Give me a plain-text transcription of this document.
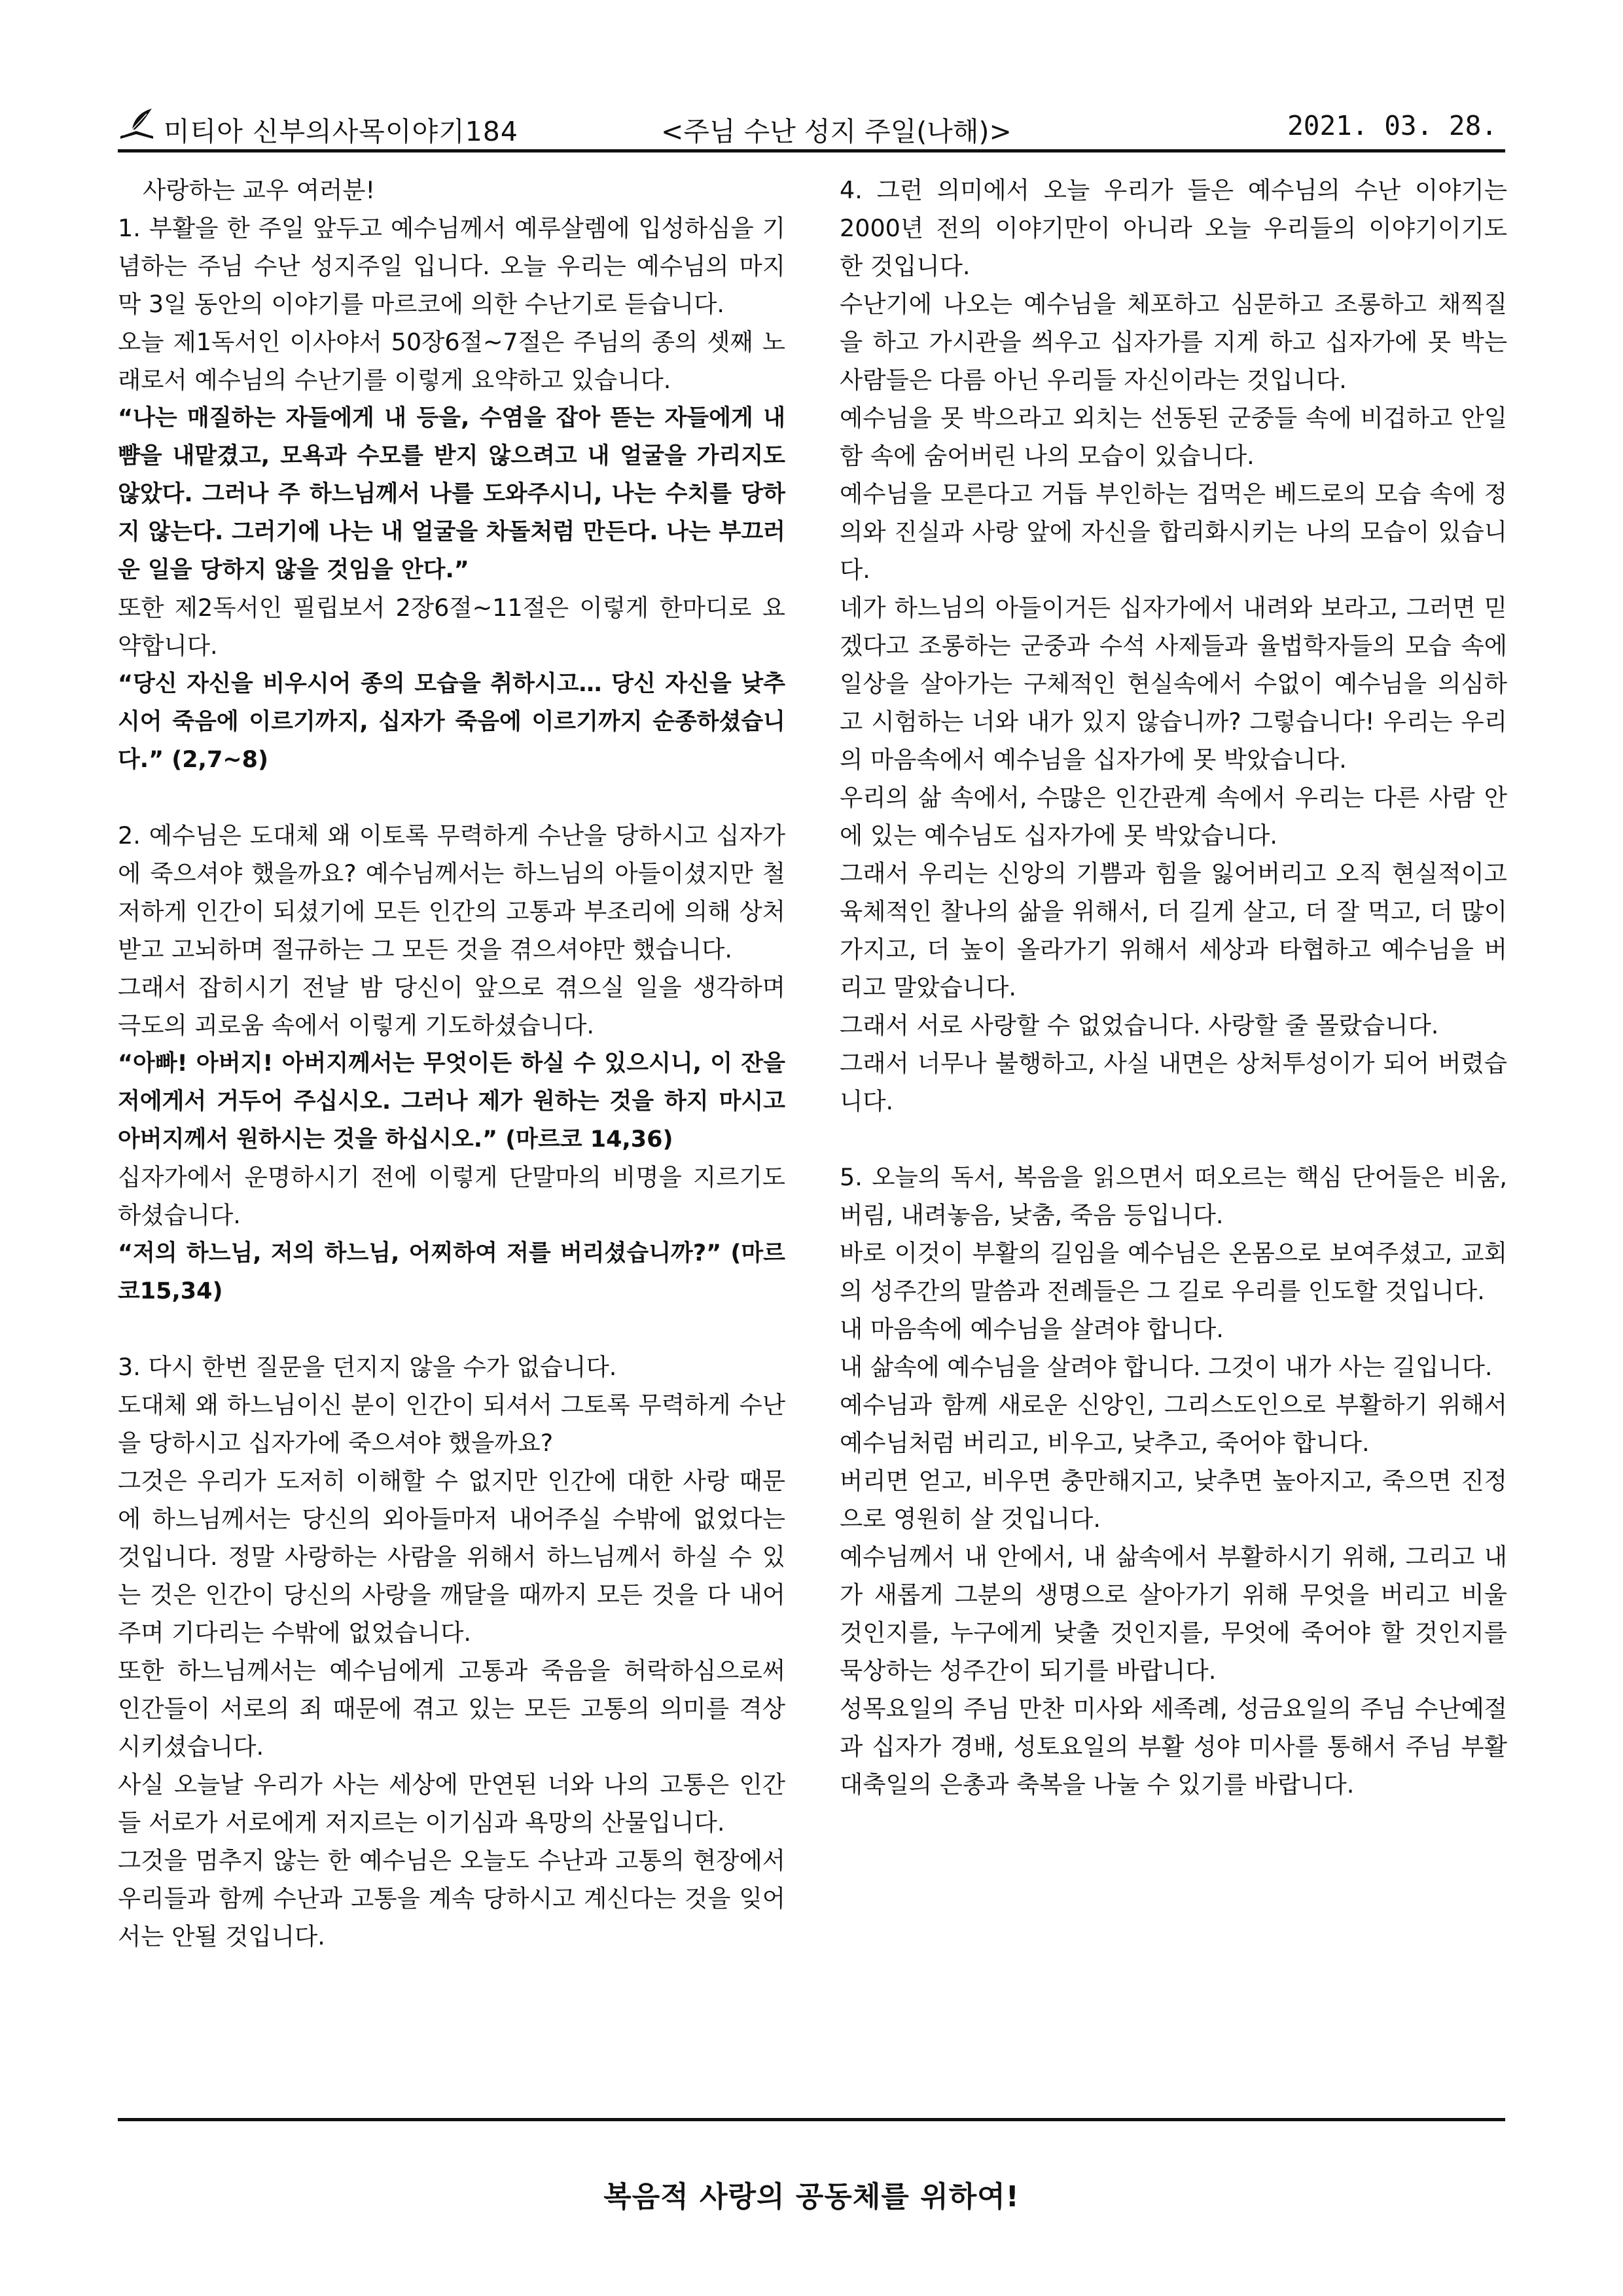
미티아 신부의사목이야기184	<주님 수난 성지 주일(나해)>	2021. 03. 28.

사랑하는 교우 여러분!

1. 부활을 한 주일 앞두고 예수님께서 예루살렘에 입성하심을 기념하는 주님 수난 성지주일 입니다. 오늘 우리는 예수님의 마지막 3일 동안의 이야기를 마르코에 의한 수난기로 듣습니다.

오늘 제1독서인 이사야서 50장6절~7절은 주님의 종의 셋째 노래로서 예수님의 수난기를 이렇게 요약하고 있습니다.

“나는 매질하는 자들에게 내 등을, 수염을 잡아 뜯는 자들에게 내 뺨을 내맡겼고, 모욕과 수모를 받지 않으려고 내 얼굴을 가리지도 않았다. 그러나 주 하느님께서 나를 도와주시니, 나는 수치를 당하지 않는다. 그러기에 나는 내 얼굴을 차돌처럼 만든다. 나는 부끄러운 일을 당하지 않을 것임을 안다.”

또한 제2독서인 필립보서 2장6절~11절은 이렇게 한마디로 요약합니다.

“당신 자신을 비우시어 종의 모습을 취하시고… 당신 자신을 낮추시어 죽음에 이르기까지, 십자가 죽음에 이르기까지 순종하셨습니다.” (2,7~8)

2. 예수님은 도대체 왜 이토록 무력하게 수난을 당하시고 십자가에 죽으셔야 했을까요? 예수님께서는 하느님의 아들이셨지만 철저하게 인간이 되셨기에 모든 인간의 고통과 부조리에 의해 상처받고 고뇌하며 절규하는 그 모든 것을 겪으셔야만 했습니다.

그래서 잡히시기 전날 밤 당신이 앞으로 겪으실 일을 생각하며 극도의 괴로움 속에서 이렇게 기도하셨습니다.

“아빠! 아버지! 아버지께서는 무엇이든 하실 수 있으시니, 이 잔을 저에게서 거두어 주십시오. 그러나 제가 원하는 것을 하지 마시고 아버지께서 원하시는 것을 하십시오.” (마르코 14,36)

십자가에서 운명하시기 전에 이렇게 단말마의 비명을 지르기도 하셨습니다.

“저의 하느님, 저의 하느님, 어찌하여 저를 버리셨습니까?” (마르코15,34)

3. 다시 한번 질문을 던지지 않을 수가 없습니다.

도대체 왜 하느님이신 분이 인간이 되셔서 그토록 무력하게 수난을 당하시고 십자가에 죽으셔야 했을까요?

그것은 우리가 도저히 이해할 수 없지만 인간에 대한 사랑 때문에 하느님께서는 당신의 외아들마저 내어주실 수밖에 없었다는 것입니다. 정말 사랑하는 사람을 위해서 하느님께서 하실 수 있는 것은 인간이 당신의 사랑을 깨달을 때까지 모든 것을 다 내어주며 기다리는 수밖에 없었습니다.

또한 하느님께서는 예수님에게 고통과 죽음을 허락하심으로써 인간들이 서로의 죄 때문에 겪고 있는 모든 고통의 의미를 격상시키셨습니다.

사실 오늘날 우리가 사는 세상에 만연된 너와 나의 고통은 인간들 서로가 서로에게 저지르는 이기심과 욕망의 산물입니다.

그것을 멈추지 않는 한 예수님은 오늘도 수난과 고통의 현장에서 우리들과 함께 수난과 고통을 계속 당하시고 계신다는 것을 잊어서는 안될 것입니다.

4. 그런 의미에서 오늘 우리가 들은 예수님의 수난 이야기는 2000년 전의 이야기만이 아니라 오늘 우리들의 이야기이기도 한 것입니다.

수난기에 나오는 예수님을 체포하고 심문하고 조롱하고 채찍질을 하고 가시관을 씌우고 십자가를 지게 하고 십자가에 못 박는 사람들은 다름 아닌 우리들 자신이라는 것입니다.

예수님을 못 박으라고 외치는 선동된 군중들 속에 비겁하고 안일함 속에 숨어버린 나의 모습이 있습니다.

예수님을 모른다고 거듭 부인하는 겁먹은 베드로의 모습 속에 정의와 진실과 사랑 앞에 자신을 합리화시키는 나의 모습이 있습니다.

네가 하느님의 아들이거든 십자가에서 내려와 보라고, 그러면 믿겠다고 조롱하는 군중과 수석 사제들과 율법학자들의 모습 속에 일상을 살아가는 구체적인 현실속에서 수없이 예수님을 의심하고 시험하는 너와 내가 있지 않습니까? 그렇습니다! 우리는 우리의 마음속에서 예수님을 십자가에 못 박았습니다.

우리의 삶 속에서, 수많은 인간관계 속에서 우리는 다른 사람 안에 있는 예수님도 십자가에 못 박았습니다.

그래서 우리는 신앙의 기쁨과 힘을 잃어버리고 오직 현실적이고 육체적인 찰나의 삶을 위해서, 더 길게 살고, 더 잘 먹고, 더 많이 가지고, 더 높이 올라가기 위해서 세상과 타협하고 예수님을 버리고 말았습니다.

그래서 서로 사랑할 수 없었습니다. 사랑할 줄 몰랐습니다.

그래서 너무나 불행하고, 사실 내면은 상처투성이가 되어 버렸습니다.

5. 오늘의 독서, 복음을 읽으면서 떠오르는 핵심 단어들은 비움, 버림, 내려놓음, 낮춤, 죽음 등입니다.

바로 이것이 부활의 길임을 예수님은 온몸으로 보여주셨고, 교회의 성주간의 말씀과 전례들은 그 길로 우리를 인도할 것입니다.

내 마음속에 예수님을 살려야 합니다.

내 삶속에 예수님을 살려야 합니다. 그것이 내가 사는 길입니다.

예수님과 함께 새로운 신앙인, 그리스도인으로 부활하기 위해서 예수님처럼 버리고, 비우고, 낮추고, 죽어야 합니다.

버리면 얻고, 비우면 충만해지고, 낮추면 높아지고, 죽으면 진정으로 영원히 살 것입니다.

예수님께서 내 안에서, 내 삶속에서 부활하시기 위해, 그리고 내가 새롭게 그분의 생명으로 살아가기 위해 무엇을 버리고 비울 것인지를, 누구에게 낮출 것인지를, 무엇에 죽어야 할 것인지를 묵상하는 성주간이 되기를 바랍니다.

성목요일의 주님 만찬 미사와 세족례, 성금요일의 주님 수난예절과 십자가 경배, 성토요일의 부활 성야 미사를 통해서 주님 부활 대축일의 은총과 축복을 나눌 수 있기를 바랍니다.

복음적 사랑의 공동체를 위하여!
